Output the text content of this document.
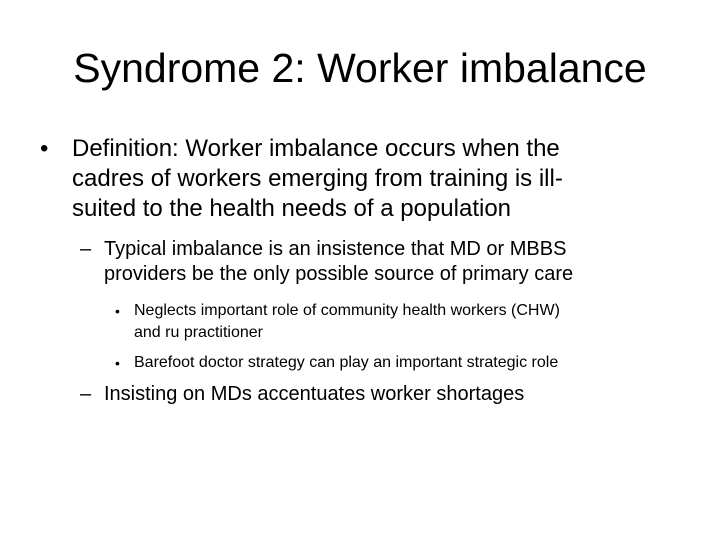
Syndrome 2: Worker imbalance
• Definition: Worker imbalance occurs when the
cadres of workers emerging from training is ill-
suited to the health needs of a population
– Typical imbalance is an insistence that MD or MBBS
providers be the only possible source of primary care
• Neglects important role of community health workers (CHW)
and ru practitioner
• Barefoot doctor strategy can play an important strategic role
– Insisting on MDs accentuates worker shortages
